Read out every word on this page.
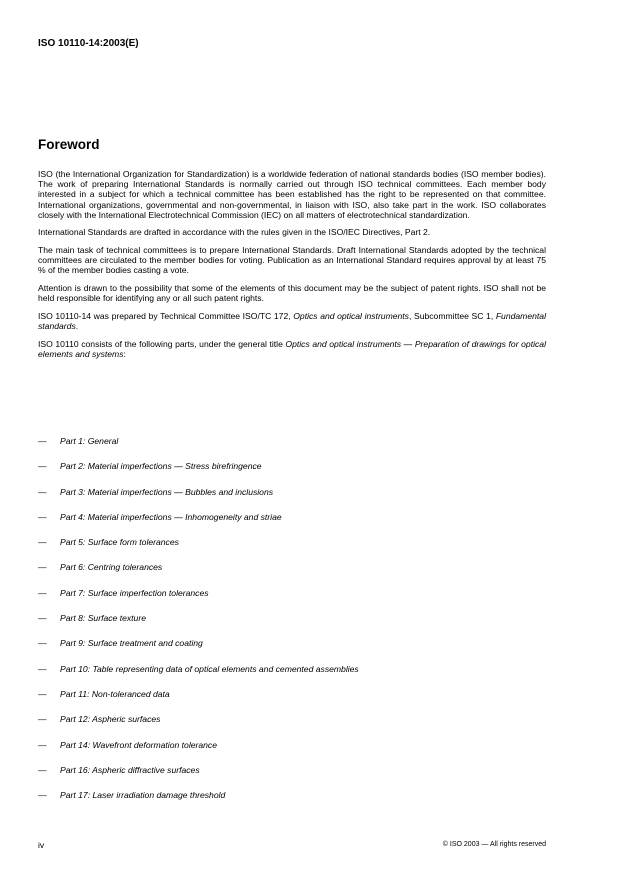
ISO 10110-14:2003(E)
Foreword

ISO (the International Organization for Standardization) is a worldwide federation of national standards bodies (ISO member bodies). The work of preparing International Standards is normally carried out through ISO technical committees. Each member body interested in a subject for which a technical committee has been established has the right to be represented on that committee. International organizations, governmental and non-governmental, in liaison with ISO, also take part in the work. ISO collaborates closely with the International Electrotechnical Commission (IEC) on all matters of electrotechnical standardization.

International Standards are drafted in accordance with the rules given in the ISO/IEC Directives, Part 2.

The main task of technical committees is to prepare International Standards. Draft International Standards adopted by the technical committees are circulated to the member bodies for voting. Publication as an International Standard requires approval by at least 75 % of the member bodies casting a vote.

Attention is drawn to the possibility that some of the elements of this document may be the subject of patent rights. ISO shall not be held responsible for identifying any or all such patent rights.

ISO 10110-14 was prepared by Technical Committee ISO/TC 172, Optics and optical instruments, Subcommittee SC 1, Fundamental standards.

ISO 10110 consists of the following parts, under the general title Optics and optical instruments — Preparation of drawings for optical elements and systems:

— Part 1: General
— Part 2: Material imperfections — Stress birefringence
— Part 3: Material imperfections — Bubbles and inclusions
— Part 4: Material imperfections — Inhomogeneity and striae
— Part 5: Surface form tolerances
— Part 6: Centring tolerances
— Part 7: Surface imperfection tolerances
— Part 8: Surface texture
— Part 9: Surface treatment and coating
— Part 10: Table representing data of optical elements and cemented assemblies
— Part 11: Non-toleranced data
— Part 12: Aspheric surfaces
— Part 14: Wavefront deformation tolerance
— Part 16: Aspheric diffractive surfaces
— Part 17: Laser irradiation damage threshold
iv	© ISO 2003 — All rights reserved
